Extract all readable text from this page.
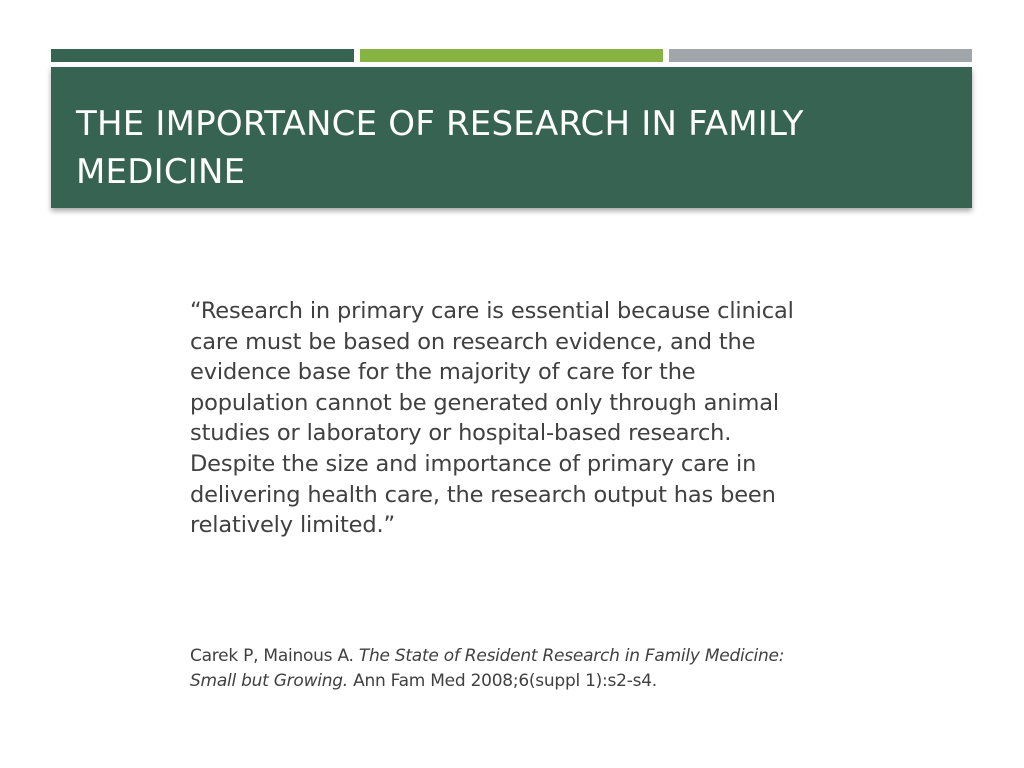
THE IMPORTANCE OF RESEARCH IN FAMILY MEDICINE

“Research in primary care is essential because clinical
care must be based on research evidence, and the
evidence base for the majority of care for the
population cannot be generated only through animal
studies or laboratory or hospital-based research.
Despite the size and importance of primary care in
delivering health care, the research output has been
relatively limited.”

Carek P, Mainous A. The State of Resident Research in Family Medicine:
Small but Growing. Ann Fam Med 2008;6(suppl 1):s2-s4.
